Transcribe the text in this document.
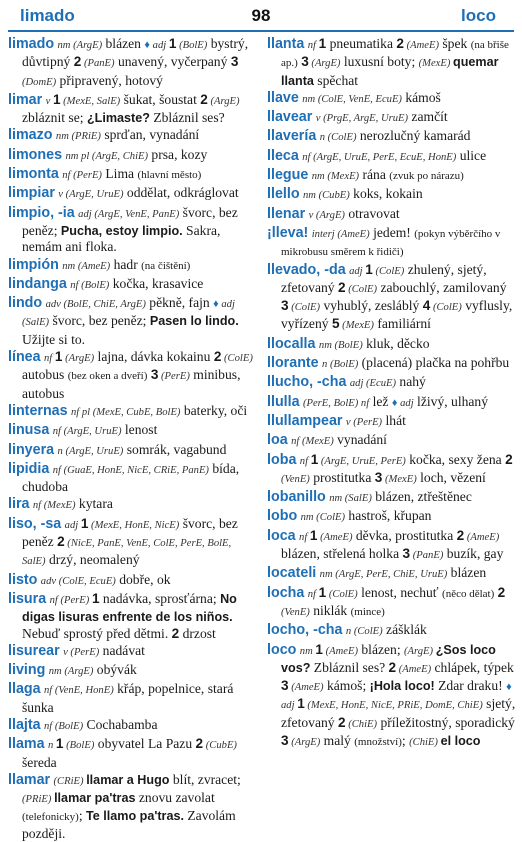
limado	98	loco

limado nm (ArgE) blázen ♦ adj 1 (BolE) bystrý, důvtipný 2 (PanE) unavený, vyčerpaný 3 (DomE) připravený, hotový

limar v 1 (MexE, SalE) šukat, šoustat 2 (ArgE) zbláznit se; ¿Limaste? Zbláznil ses?

limazo nm (PRiE) sprďan, vynadání

limones nm pl (ArgE, ChiE) prsa, kozy

limonta nf (PerE) Lima (hlavní město)

limpiar v (ArgE, UruE) oddělat, odkráglovat

limpio, -ia adj (ArgE, VenE, PanE) švorc, bez peněz; Pucha, estoy limpio. Sakra, nemám ani floka.

limpión nm (AmeE) hadr (na čištění)

lindanga nf (BolE) kočka, krasavice

lindo adv (BolE, ChiE, ArgE) pěkně, fajn ♦ adj (SalE) švorc, bez peněz; Pasen lo lindo. Užijte si to.

línea nf 1 (ArgE) lajna, dávka kokainu 2 (ColE) autobus (bez oken a dveří) 3 (PerE) minibus, autobus

linternas nf pl (MexE, CubE, BolE) baterky, oči

linusa nf (ArgE, UruE) lenost

linyera n (ArgE, UruE) somrák, vagabund

lipidia nf (GuaE, HonE, NicE, CRiE, PanE) bída, chudoba

lira nf (MexE) kytara

liso, -sa adj 1 (MexE, HonE, NicE) švorc, bez peněz 2 (NicE, PanE, VenE, ColE, PerE, BolE, SalE) drzý, neomalený

listo adv (ColE, EcuE) dobře, ok

lisura nf (PerE) 1 nadávka, sprosťárna; No digas lisuras enfrente de los niños. Nebuď sprostý před dětmi. 2 drzost

lisurear v (PerE) nadávat

living nm (ArgE) obývák

llaga nf (VenE, HonE) křáp, popelnice, stará šunka

llajta nf (BolE) Cochabamba

llama n 1 (BolE) obyvatel La Pazu 2 (CubE) šereda

llamar (CRiE) llamar a Hugo blít, zvracet; (PRiE) llamar pa'tras znovu zavolat (telefonicky); Te llamo pa'tras. Zavolám později.

llanta nf 1 pneumatika 2 (AmeE) špek (na břiše ap.) 3 (ArgE) luxusní boty; (MexE) quemar llanta spěchat

llave nm (ColE, VenE, EcuE) kámoš

llavear v (PrgE, ArgE, UruE) zamčít

llavería n (ColE) nerozlučný kamarád

lleca nf (ArgE, UruE, PerE, EcuE, HonE) ulice

llegue nm (MexE) rána (zvuk po nárazu)

llello nm (CubE) koks, kokain

llenar v (ArgE) otravovat

¡lleva! interj (AmeE) jedem! (pokyn výběrčího v mikrobusu směrem k řidiči)

llevado, -da adj 1 (ColE) zhulený, sjetý, zfetovaný 2 (ColE) zabouchlý, zamilovaný 3 (ColE) vyhublý, zesláblý 4 (ColE) vyflusly, vyřízený 5 (MexE) familiární

llocalla nm (BolE) kluk, děcko

llorante n (BolE) (placená) plačka na pohřbu

llucho, -cha adj (EcuE) nahý

llulla (PerE, BolE) nf lež ♦ adj lživý, ulhaný

llullampear v (PerE) lhát

loa nf (MexE) vynadání

loba nf 1 (ArgE, UruE, PerE) kočka, sexy žena 2 (VenE) prostitutka 3 (MexE) loch, vězení

lobanillo nm (SalE) blázen, ztřeštěnec

lobo nm (ColE) hastroš, křupan

loca nf 1 (AmeE) děvka, prostitutka 2 (AmeE) blázen, střelená holka 3 (PanE) buzík, gay

locateli nm (ArgE, PerE, ChiE, UruE) blázen

locha nf 1 (ColE) lenost, nechuť (něco dělat) 2 (VenE) niklák (mince)

locho, -cha n (ColE) zášklák

loco nm 1 (AmeE) blázen; (ArgE) ¿Sos loco vos? Zbláznil ses? 2 (AmeE) chlápek, týpek 3 (AmeE) kámoš; ¡Hola loco! Zdar draku! ♦ adj 1 (MexE, HonE, NicE, PRiE, DomE, ChiE) sjetý, zfetovaný 2 (ChiE) příležitostný, sporadický 3 (ArgE) malý (množství); (ChiE) el loco
